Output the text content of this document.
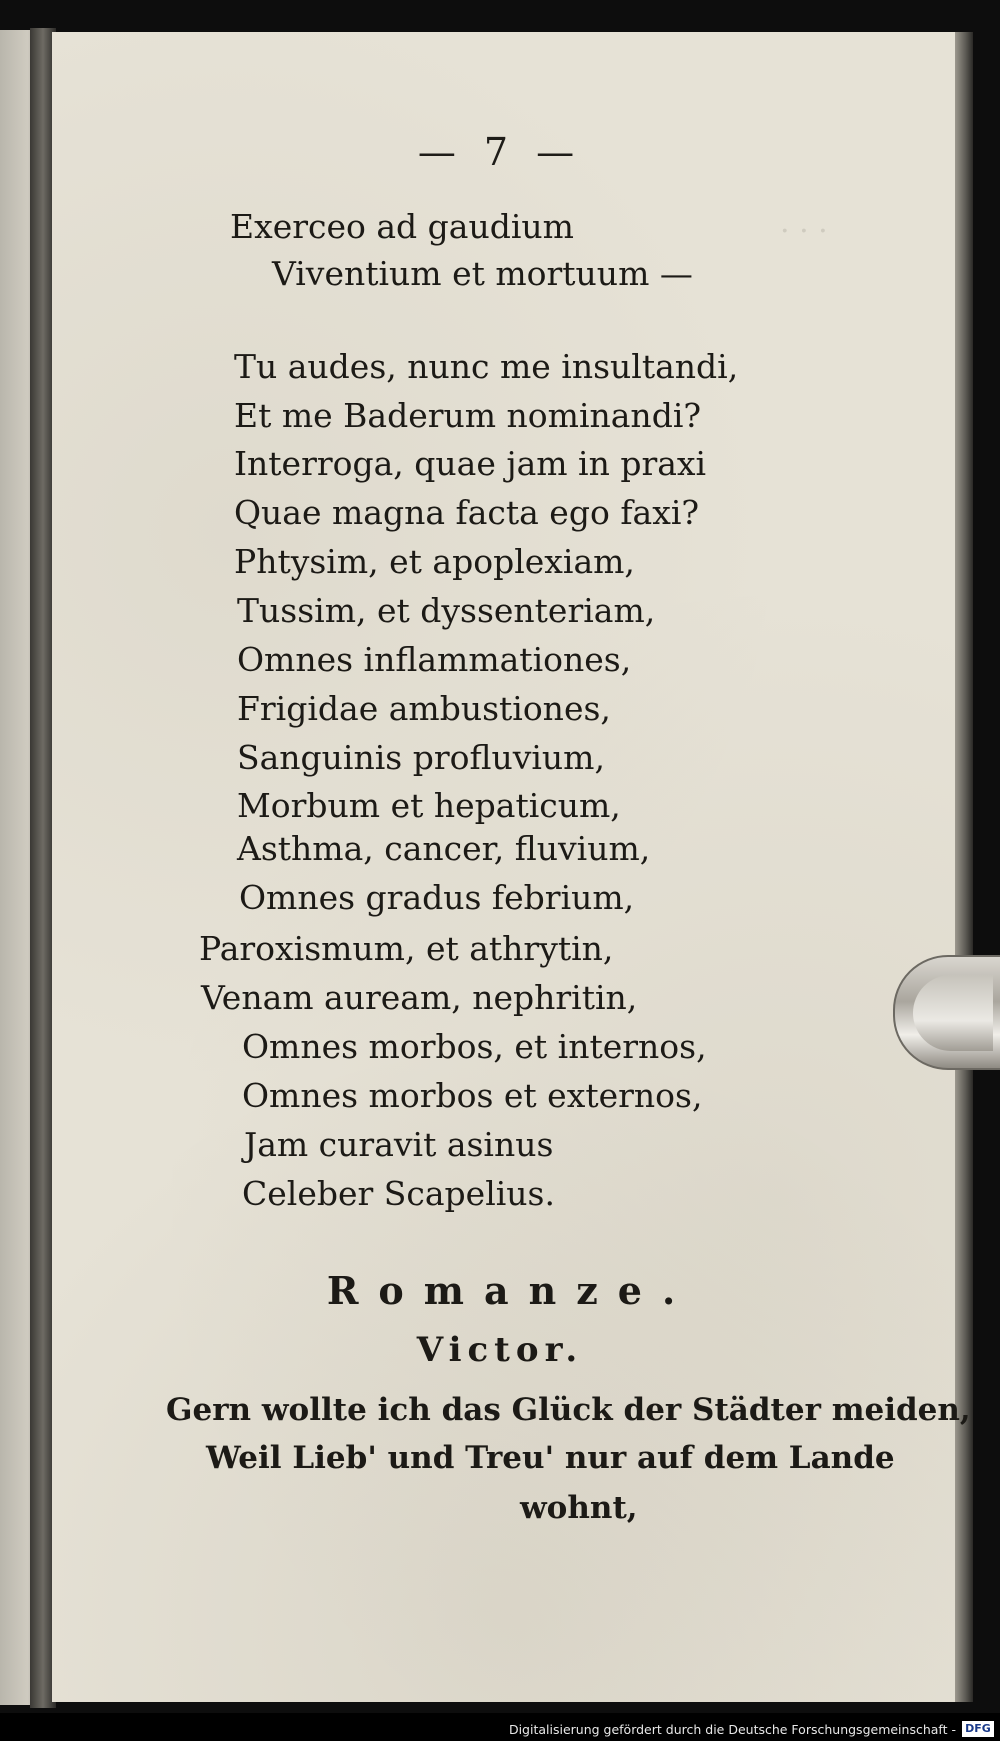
. . .
— 7 —
Exerceo ad gaudium
Viventium et mortuum —
Tu audes, nunc me insultandi,
Et me Baderum nominandi?
Interroga, quae jam in praxi
Quae magna facta ego faxi?
Phtysim, et apoplexiam,
Tussim, et dyssenteriam,
Omnes inflammationes,
Frigidae ambustiones,
Sanguinis profluvium,
Morbum et hepaticum,
Asthma, cancer, fluvium,
Omnes gradus febrium,
Paroxismum, et athrytin,
Venam auream, nephritin,
Omnes morbos, et internos,
Omnes morbos et externos,
Jam curavit asinus
Celeber Scapelius.
Romanze.
Victor.
Gern wollte ich das Glück der Städter meiden,
Weil Lieb' und Treu' nur auf dem Lande
wohnt,
Digitalisierung gefördert durch die Deutsche Forschungsgemeinschaft - DFG
